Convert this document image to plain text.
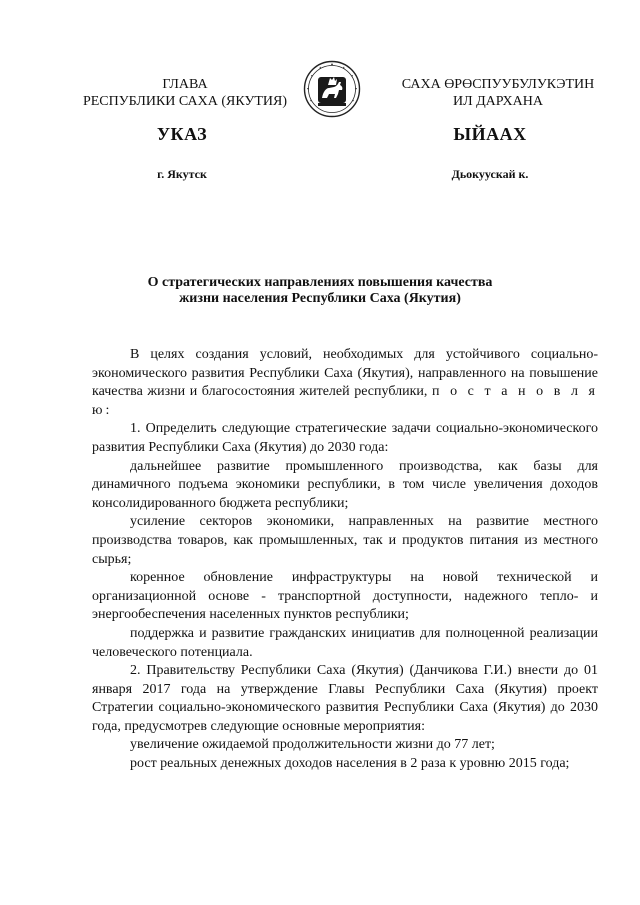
ГЛАВА
РЕСПУБЛИКИ САХА (ЯКУТИЯ)
САХА ӨРӨСПУУБУЛУКЭТИН
ИЛ ДАРХАНА
УКАЗ	ЫЙААХ
г. Якутск	Дьокуускай к.
О стратегических направлениях повышения качества
жизни населения Республики Саха (Якутия)

В целях создания условий, необходимых для устойчивого социально-экономического развития Республики Саха (Якутия), направленного на повышение качества жизни и благосостояния жителей республики, п о с т а н о в л я ю:

1. Определить следующие стратегические задачи социально-экономического развития Республики Саха (Якутия) до 2030 года:

дальнейшее развитие промышленного производства, как базы для динамичного подъема экономики республики, в том числе увеличения доходов консолидированного бюджета республики;

усиление секторов экономики, направленных на развитие местного производства товаров, как промышленных, так и продуктов питания из местного сырья;

коренное обновление инфраструктуры на новой технической и организационной основе - транспортной доступности, надежного тепло- и энергообеспечения населенных пунктов республики;

поддержка и развитие гражданских инициатив для полноценной реализации человеческого потенциала.

2. Правительству Республики Саха (Якутия) (Данчикова Г.И.) внести до 01 января 2017 года на утверждение Главы Республики Саха (Якутия) проект Стратегии социально-экономического развития Республики Саха (Якутия) до 2030 года, предусмотрев следующие основные мероприятия:

увеличение ожидаемой продолжительности жизни до 77 лет;

рост реальных денежных доходов населения в 2 раза к уровню 2015 года;
